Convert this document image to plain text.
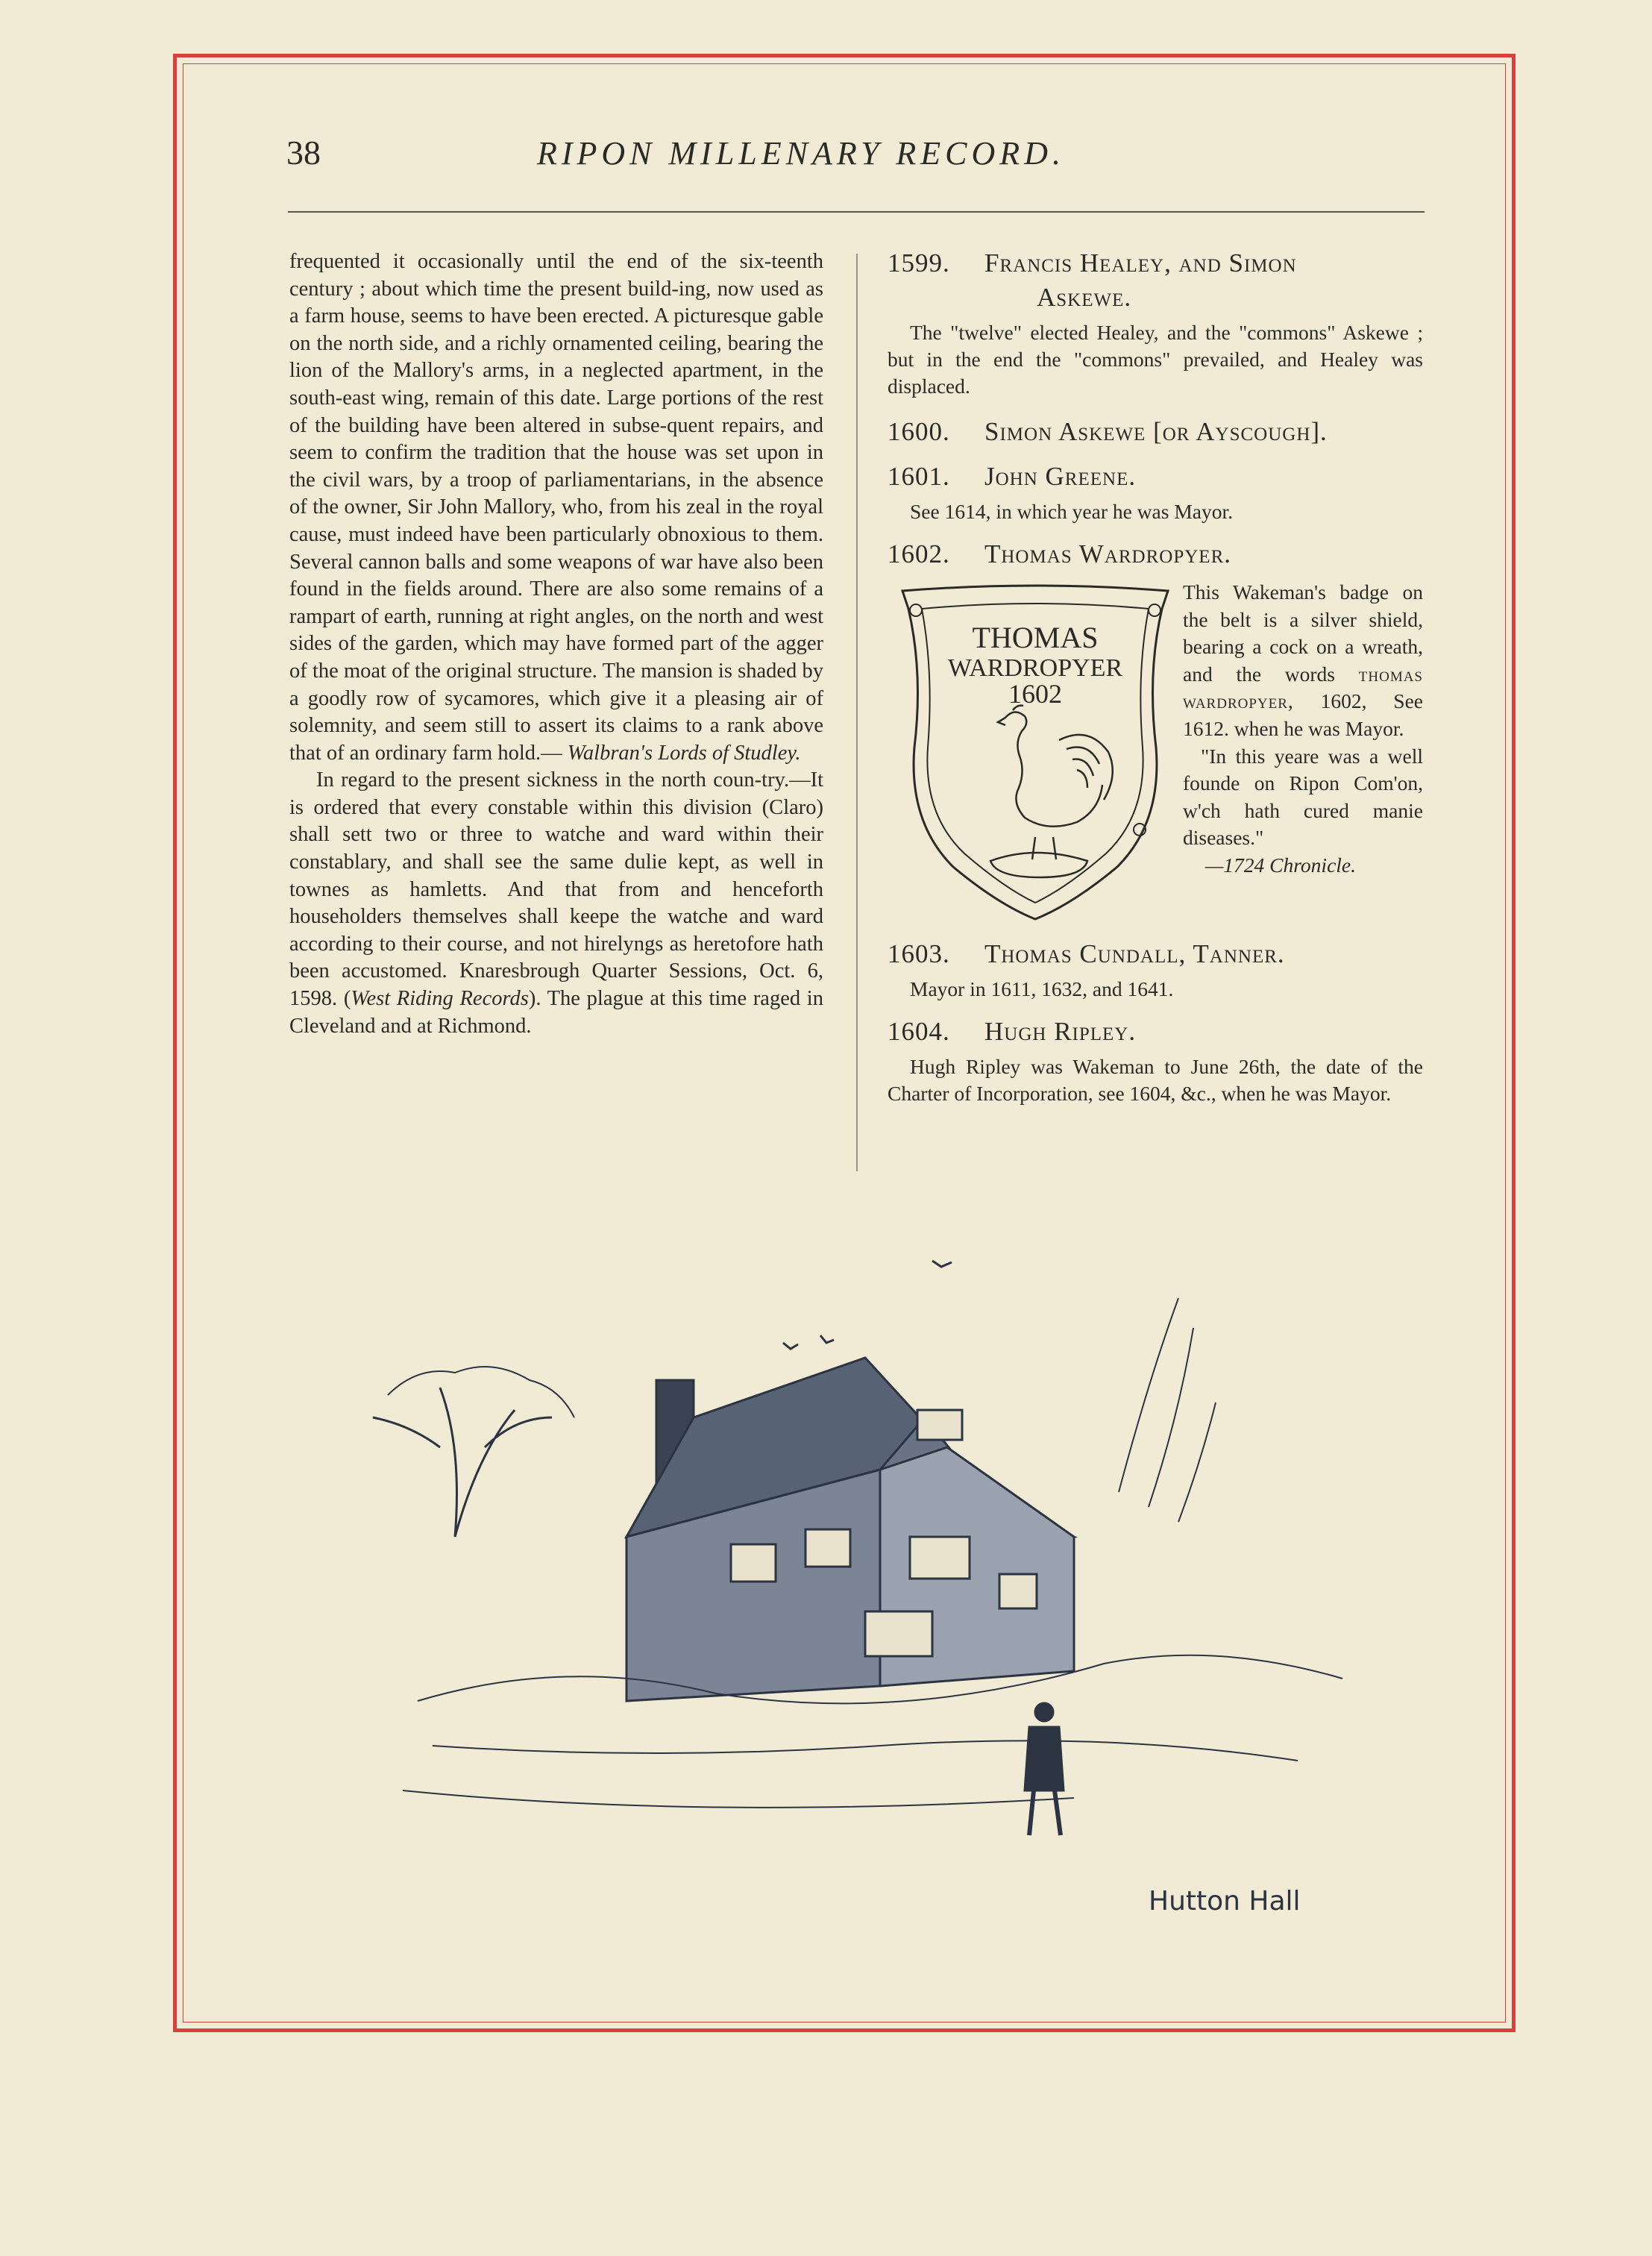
38	RIPON MILLENARY RECORD.

frequented it occasionally until the end of the six-teenth century ; about which time the present build-ing, now used as a farm house, seems to have been erected. A picturesque gable on the north side, and a richly ornamented ceiling, bearing the lion of the Mallory's arms, in a neglected apartment, in the south-east wing, remain of this date. Large portions of the rest of the building have been altered in subse-quent repairs, and seem to confirm the tradition that the house was set upon in the civil wars, by a troop of parliamentarians, in the absence of the owner, Sir John Mallory, who, from his zeal in the royal cause, must indeed have been particularly obnoxious to them. Several cannon balls and some weapons of war have also been found in the fields around. There are also some remains of a rampart of earth, running at right angles, on the north and west sides of the garden, which may have formed part of the agger of the moat of the original structure. The mansion is shaded by a goodly row of sycamores, which give it a pleasing air of solemnity, and seem still to assert its claims to a rank above that of an ordinary farm hold.— Walbran's Lords of Studley.

In regard to the present sickness in the north coun-try.—It is ordered that every constable within this division (Claro) shall sett two or three to watche and ward within their constablary, and shall see the same dulie kept, as well in townes as hamletts. And that from and henceforth householders themselves shall keepe the watche and ward according to their course, and not hirelyngs as heretofore hath been accustomed. Knaresbrough Quarter Sessions, Oct. 6, 1598. (West Riding Records). The plague at this time raged in Cleveland and at Richmond.

1599. Francis Healey, and Simon
Askewe.

The "twelve" elected Healey, and the "commons" Askewe ; but in the end the "commons" prevailed, and Healey was displaced.

1600. Simon Askewe [or Ayscough].

1601. John Greene.

See 1614, in which year he was Mayor.

1602. Thomas Wardropyer.

THOMAS
WARDROPYER
1602

This Wakeman's badge on the belt is a silver shield, bearing a cock on a wreath, and the words thomas wardropyer, 1602, See 1612. when he was Mayor.

"In this yeare was a well founde on Ripon Com'on, w'ch hath cured manie diseases."

—1724 Chronicle.

1603. Thomas Cundall, Tanner.

Mayor in 1611, 1632, and 1641.

1604. Hugh Ripley.

Hugh Ripley was Wakeman to June 26th, the date of the Charter of Incorporation, see 1604, &c., when he was Mayor.

Hutton Hall
